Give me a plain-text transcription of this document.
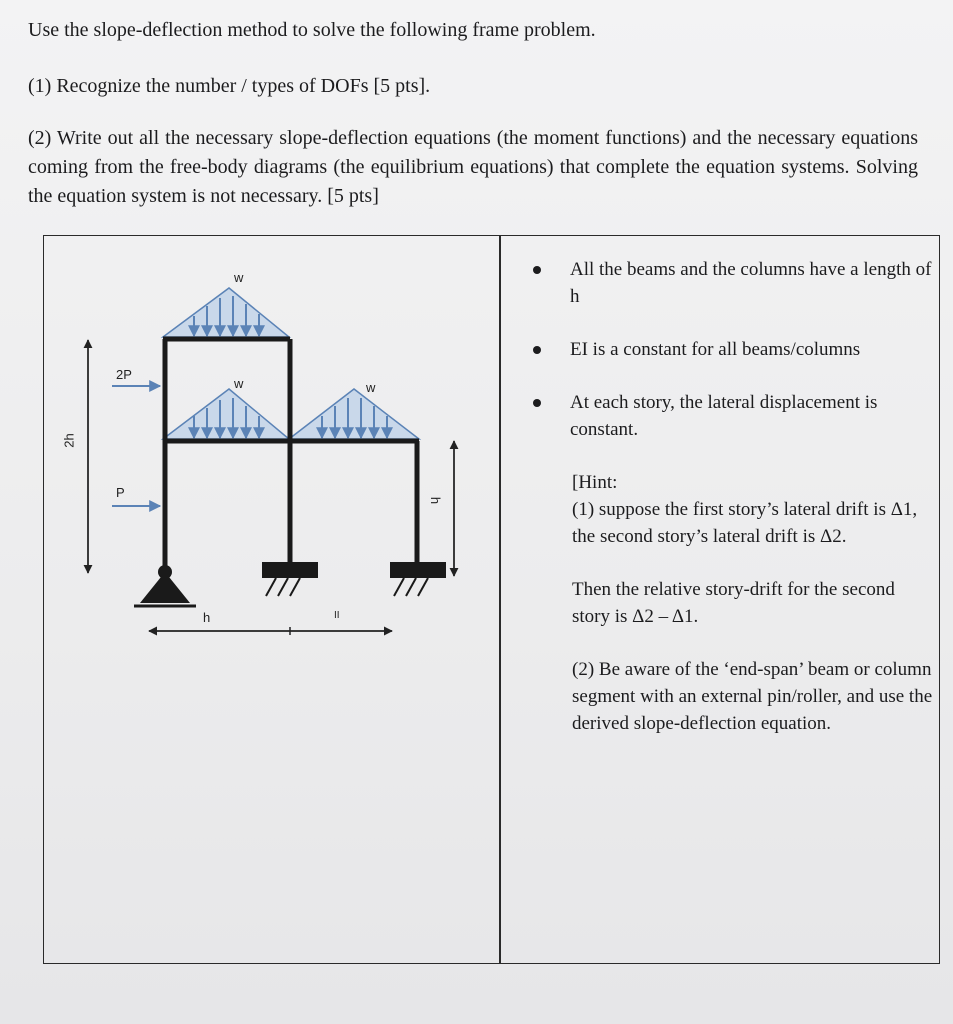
Use the slope-deflection method to solve the following frame problem.
(1) Recognize the number / types of DOFs [5 pts].
(2) Write out all the necessary slope-deflection equations (the moment functions) and the necessary equations coming from the free-body diagrams (the equilibrium equations) that complete the equation systems. Solving the equation system is not necessary. [5 pts]
w
w	w
2P
P
2h
h
h	II
All the beams and the columns have a length of h
EI is a constant for all beams/columns
At each story, the lateral displacement is constant.

[Hint:
(1) suppose the first story’s lateral drift is Δ1, the second story’s lateral drift is Δ2.

Then the relative story-drift for the second story is Δ2 – Δ1.

(2) Be aware of the ‘end-span’ beam or column segment with an external pin/roller, and use the derived slope-deflection equation.
